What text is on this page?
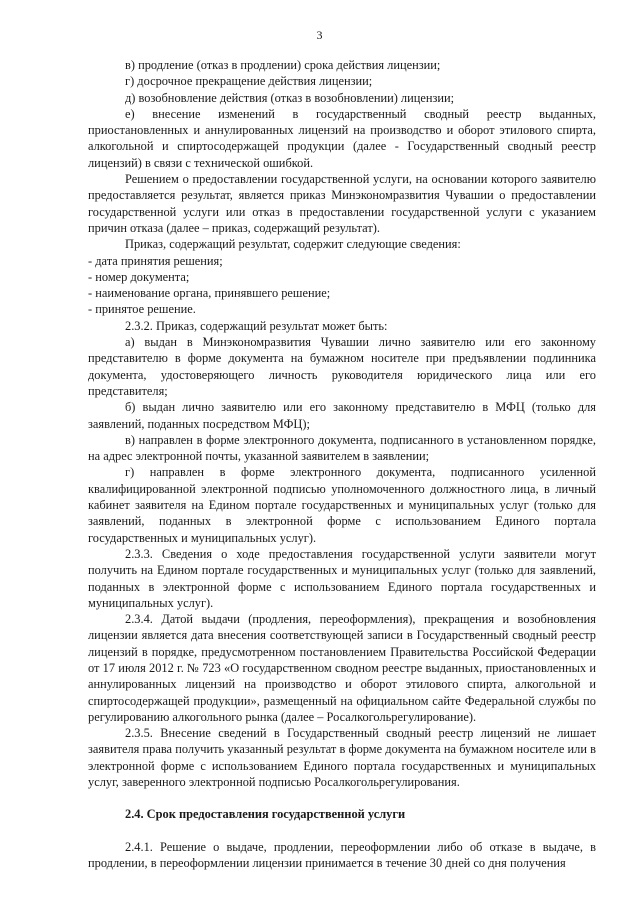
3

в) продление (отказ в продлении) срока действия лицензии;

г) досрочное прекращение действия лицензии;

д) возобновление действия (отказ в возобновлении) лицензии;

е) внесение изменений в государственный сводный реестр выданных, приостановленных и аннулированных лицензий на производство и оборот этилового спирта, алкогольной и спиртосодержащей продукции (далее - Государственный сводный реестр лицензий) в связи с технической ошибкой.

Решением о предоставлении государственной услуги, на основании которого заявителю предоставляется результат, является приказ Минэкономразвития Чувашии о предоставлении государственной услуги или отказ в предоставлении государственной услуги с указанием причин отказа (далее – приказ, содержащий результат).

Приказ, содержащий результат, содержит следующие сведения:

- дата принятия решения;

- номер документа;

- наименование органа, принявшего решение;

- принятое решение.

2.3.2. Приказ, содержащий результат может быть:

а) выдан в Минэкономразвития Чувашии лично заявителю или его законному представителю в форме документа на бумажном носителе при предъявлении подлинника документа, удостоверяющего личность руководителя юридического лица или его представителя;

б) выдан лично заявителю или его законному представителю в МФЦ (только для заявлений, поданных посредством МФЦ);

в) направлен в форме электронного документа, подписанного в установленном порядке, на адрес электронной почты, указанной заявителем в заявлении;

г) направлен в форме электронного документа, подписанного усиленной квалифицированной электронной подписью уполномоченного должностного лица, в личный кабинет заявителя на Едином портале государственных и муниципальных услуг (только для заявлений, поданных в электронной форме с использованием Единого портала государственных и муниципальных услуг).

2.3.3. Сведения о ходе предоставления государственной услуги заявители могут получить на Едином портале государственных и муниципальных услуг (только для заявлений, поданных в электронной форме с использованием Единого портала государственных и муниципальных услуг).

2.3.4. Датой выдачи (продления, переоформления), прекращения и возобновления лицензии является дата внесения соответствующей записи в Государственный сводный реестр лицензий в порядке, предусмотренном постановлением Правительства Российской Федерации от 17 июля 2012 г. № 723 «О государственном сводном реестре выданных, приостановленных и аннулированных лицензий на производство и оборот этилового спирта, алкогольной и спиртосодержащей продукции», размещенный на официальном сайте Федеральной службы по регулированию алкогольного рынка (далее – Росалкогольрегулирование).

2.3.5. Внесение сведений в Государственный сводный реестр лицензий не лишает заявителя права получить указанный результат в форме документа на бумажном носителе или в электронной форме с использованием Единого портала государственных и муниципальных услуг, заверенного электронной подписью Росалкогольрегулирования.

2.4. Срок предоставления государственной услуги

2.4.1. Решение о выдаче, продлении, переоформлении либо об отказе в выдаче, в продлении, в переоформлении лицензии принимается в течение 30 дней со дня получения
